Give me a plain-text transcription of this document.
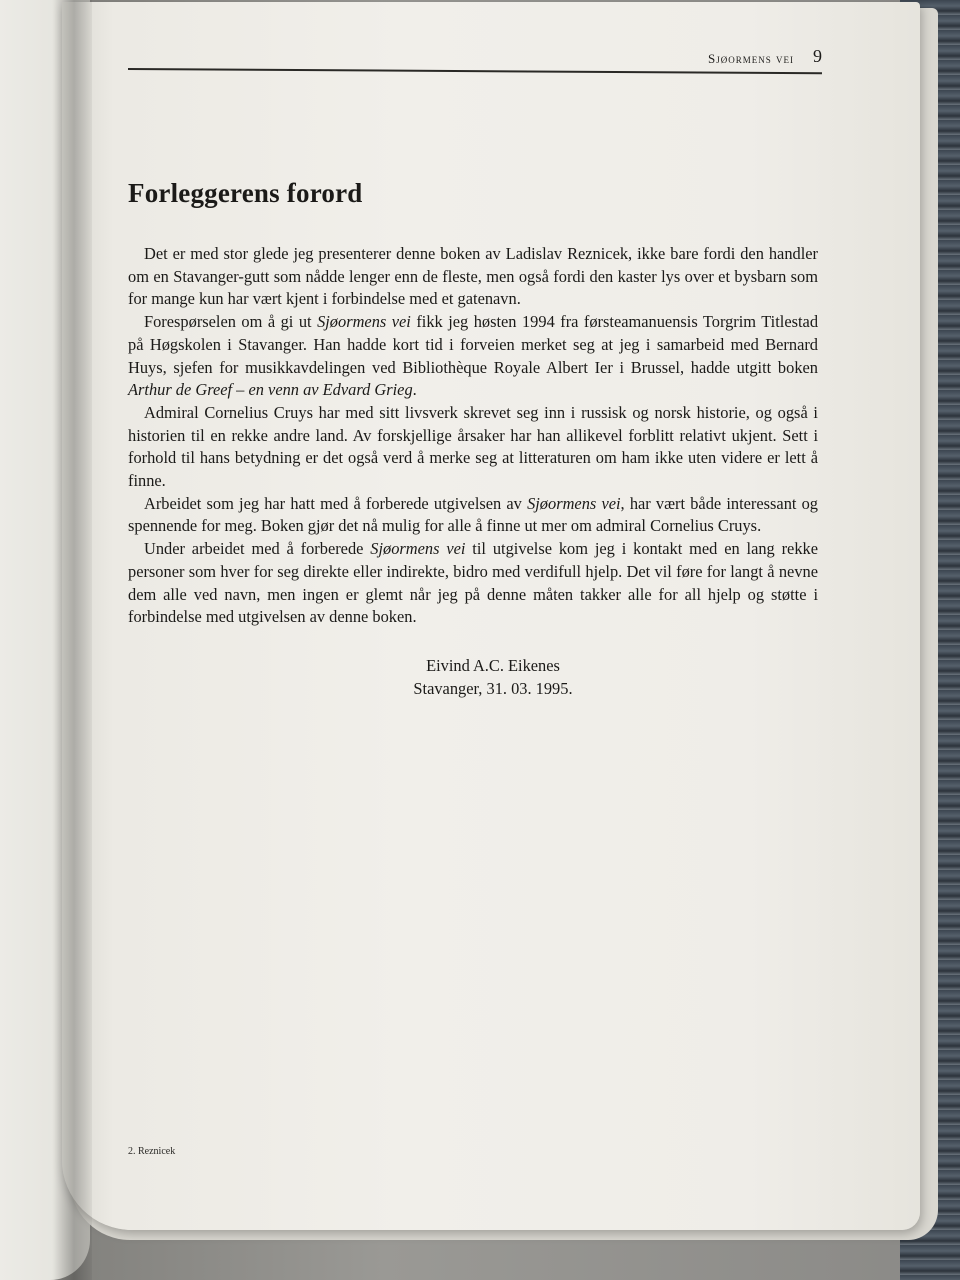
Sjøormens vei 9
Forleggerens forord

Det er med stor glede jeg presenterer denne boken av Ladislav Reznicek, ikke bare fordi den handler om en Stavanger-gutt som nådde lenger enn de fleste, men også fordi den kaster lys over et bysbarn som for mange kun har vært kjent i forbindelse med et gatenavn.

Forespørselen om å gi ut Sjøormens vei fikk jeg høsten 1994 fra førsteamanuensis Torgrim Titlestad på Høgskolen i Stavanger. Han hadde kort tid i forveien merket seg at jeg i samarbeid med Bernard Huys, sjefen for musikkavdelingen ved Bibliothèque Royale Albert Ier i Brussel, hadde utgitt boken Arthur de Greef – en venn av Edvard Grieg.

Admiral Cornelius Cruys har med sitt livsverk skrevet seg inn i russisk og norsk historie, og også i historien til en rekke andre land. Av forskjellige årsaker har han allikevel forblitt relativt ukjent. Sett i forhold til hans betydning er det også verd å merke seg at litteraturen om ham ikke uten videre er lett å finne.

Arbeidet som jeg har hatt med å forberede utgivelsen av Sjøormens vei, har vært både interessant og spennende for meg. Boken gjør det nå mulig for alle å finne ut mer om admiral Cornelius Cruys.

Under arbeidet med å forberede Sjøormens vei til utgivelse kom jeg i kontakt med en lang rekke personer som hver for seg direkte eller indirekte, bidro med verdifull hjelp. Det vil føre for langt å nevne dem alle ved navn, men ingen er glemt når jeg på denne måten takker alle for all hjelp og støtte i forbindelse med utgivelsen av denne boken.

Eivind A.C. Eikenes
Stavanger, 31. 03. 1995.
2. Reznicek
